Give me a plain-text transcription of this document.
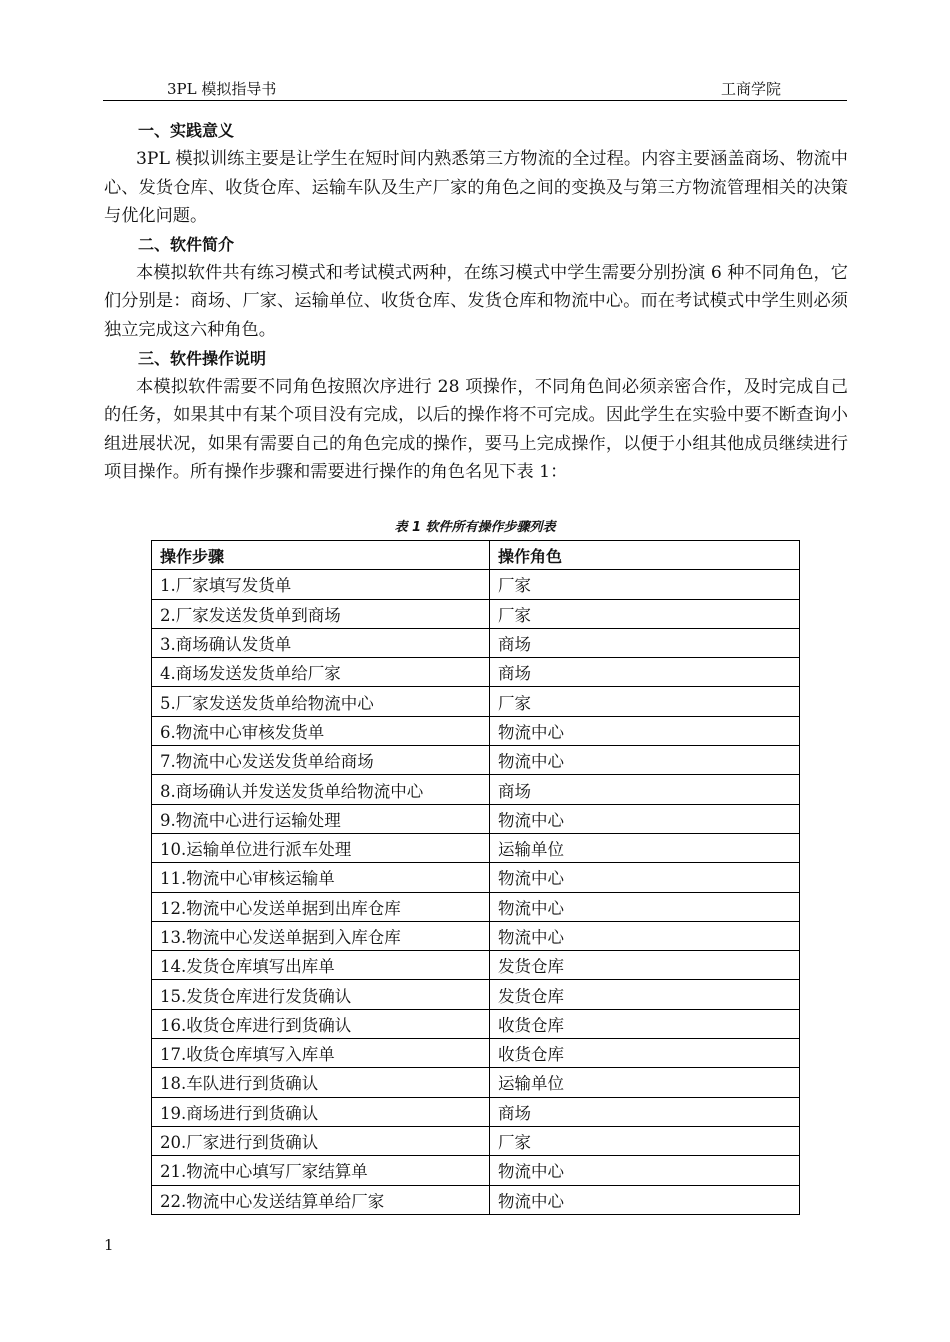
3PL 模拟指导书	工商学院

一、实践意义

3PL 模拟训练主要是让学生在短时间内熟悉第三方物流的全过程。内容主要涵盖商场、物流中心、发货仓库、收货仓库、运输车队及生产厂家的角色之间的变换及与第三方物流管理相关的决策与优化问题。

二、软件简介

本模拟软件共有练习模式和考试模式两种，在练习模式中学生需要分别扮演 6 种不同角色，它们分别是：商场、厂家、运输单位、收货仓库、发货仓库和物流中心。而在考试模式中学生则必须独立完成这六种角色。

三、软件操作说明

本模拟软件需要不同角色按照次序进行 28 项操作，不同角色间必须亲密合作，及时完成自己的任务，如果其中有某个项目没有完成，以后的操作将不可完成。因此学生在实验中要不断查询小组进展状况，如果有需要自己的角色完成的操作，要马上完成操作，以便于小组其他成员继续进行项目操作。所有操作步骤和需要进行操作的角色名见下表 1：

表 1 软件所有操作步骤列表
操作步骤	操作角色
1.厂家填写发货单	厂家
2.厂家发送发货单到商场	厂家
3.商场确认发货单	商场
4.商场发送发货单给厂家	商场
5.厂家发送发货单给物流中心	厂家
6.物流中心审核发货单	物流中心
7.物流中心发送发货单给商场	物流中心
8.商场确认并发送发货单给物流中心	商场
9.物流中心进行运输处理	物流中心
10.运输单位进行派车处理	运输单位
11.物流中心审核运输单	物流中心
12.物流中心发送单据到出库仓库	物流中心
13.物流中心发送单据到入库仓库	物流中心
14.发货仓库填写出库单	发货仓库
15.发货仓库进行发货确认	发货仓库
16.收货仓库进行到货确认	收货仓库
17.收货仓库填写入库单	收货仓库
18.车队进行到货确认	运输单位
19.商场进行到货确认	商场
20.厂家进行到货确认	厂家
21.物流中心填写厂家结算单	物流中心
22.物流中心发送结算单给厂家	物流中心
1
